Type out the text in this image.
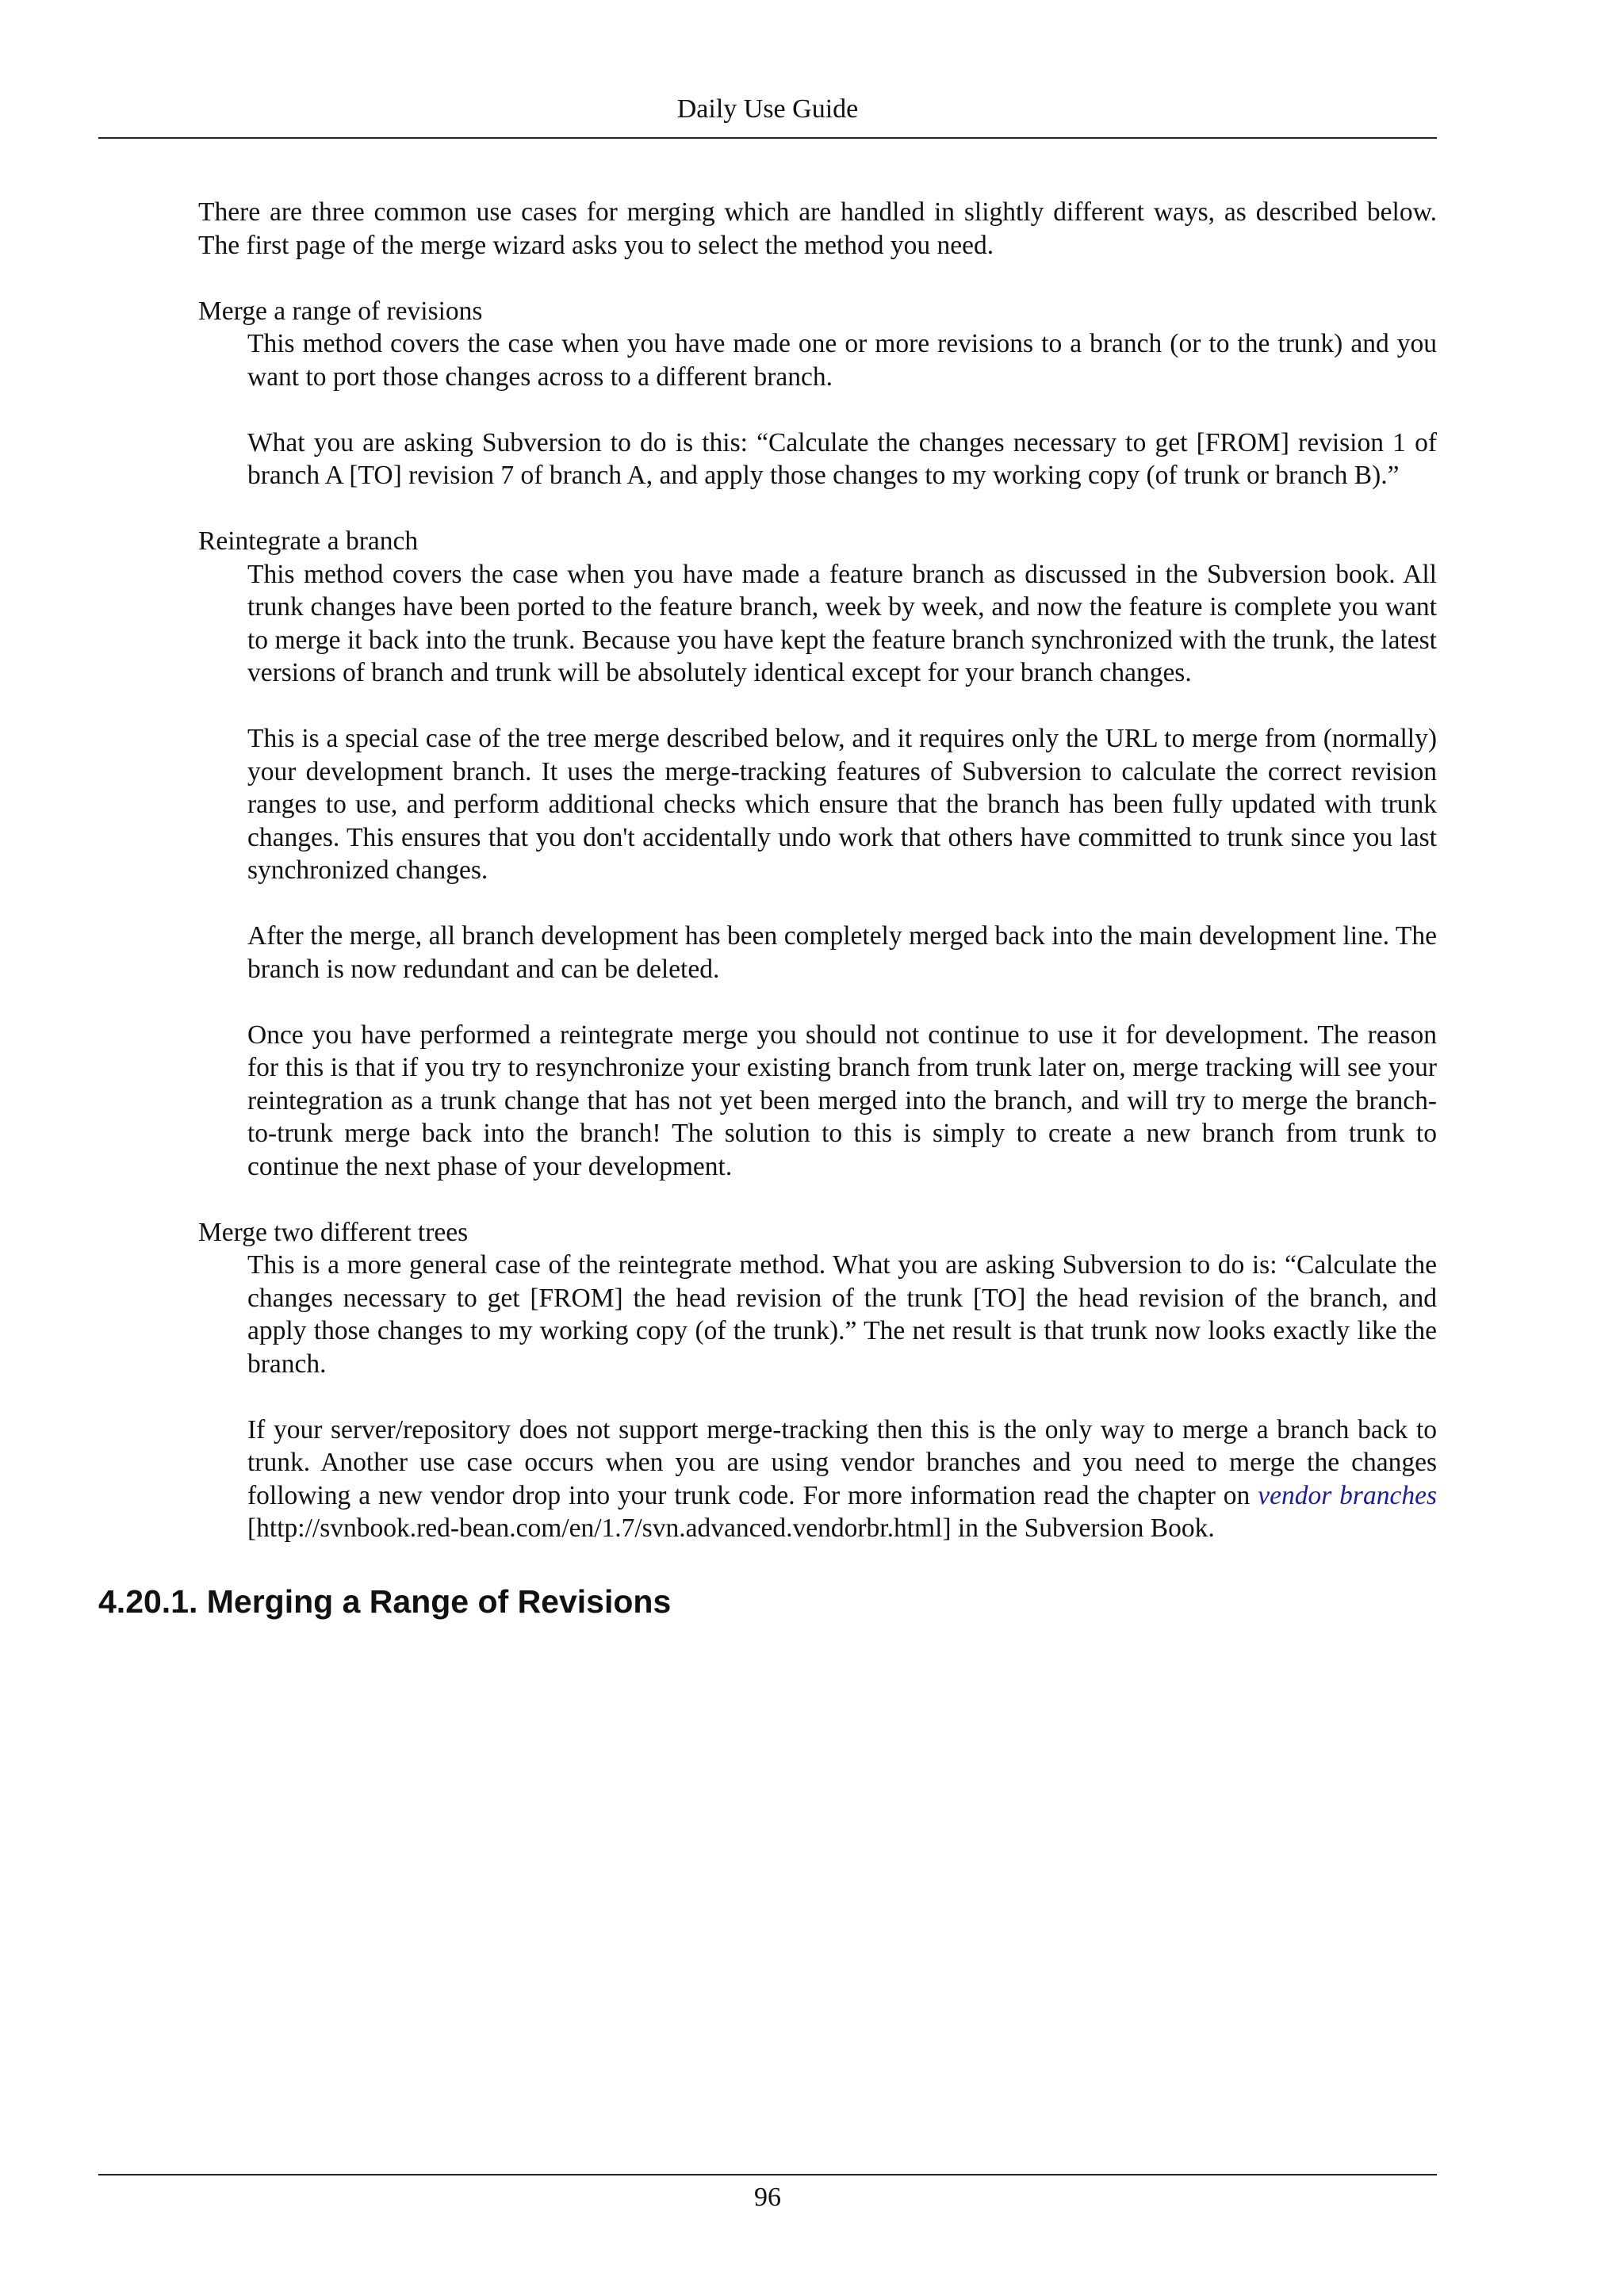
Daily Use Guide

There are three common use cases for merging which are handled in slightly different ways, as described below. The first page of the merge wizard asks you to select the method you need.

Merge a range of revisions

This method covers the case when you have made one or more revisions to a branch (or to the trunk) and you want to port those changes across to a different branch.

What you are asking Subversion to do is this: “Calculate the changes necessary to get [FROM] revision 1 of branch A [TO] revision 7 of branch A, and apply those changes to my working copy (of trunk or branch B).”

Reintegrate a branch

This method covers the case when you have made a feature branch as discussed in the Subversion book. All trunk changes have been ported to the feature branch, week by week, and now the feature is complete you want to merge it back into the trunk. Because you have kept the feature branch synchronized with the trunk, the latest versions of branch and trunk will be absolutely identical except for your branch changes.

This is a special case of the tree merge described below, and it requires only the URL to merge from (normally) your development branch. It uses the merge-tracking features of Subversion to calculate the correct revision ranges to use, and perform additional checks which ensure that the branch has been fully updated with trunk changes. This ensures that you don't accidentally undo work that others have committed to trunk since you last synchronized changes.

After the merge, all branch development has been completely merged back into the main development line. The branch is now redundant and can be deleted.

Once you have performed a reintegrate merge you should not continue to use it for development. The reason for this is that if you try to resynchronize your existing branch from trunk later on, merge tracking will see your reintegration as a trunk change that has not yet been merged into the branch, and will try to merge the branch-to-trunk merge back into the branch! The solution to this is simply to create a new branch from trunk to continue the next phase of your development.

Merge two different trees

This is a more general case of the reintegrate method. What you are asking Subversion to do is: “Calculate the changes necessary to get [FROM] the head revision of the trunk [TO] the head revision of the branch, and apply those changes to my working copy (of the trunk).” The net result is that trunk now looks exactly like the branch.

If your server/repository does not support merge-tracking then this is the only way to merge a branch back to trunk. Another use case occurs when you are using vendor branches and you need to merge the changes following a new vendor drop into your trunk code. For more information read the chapter on vendor branches [http://svnbook.red-bean.com/en/1.7/svn.advanced.vendorbr.html] in the Subversion Book.

4.20.1. Merging a Range of Revisions
96
